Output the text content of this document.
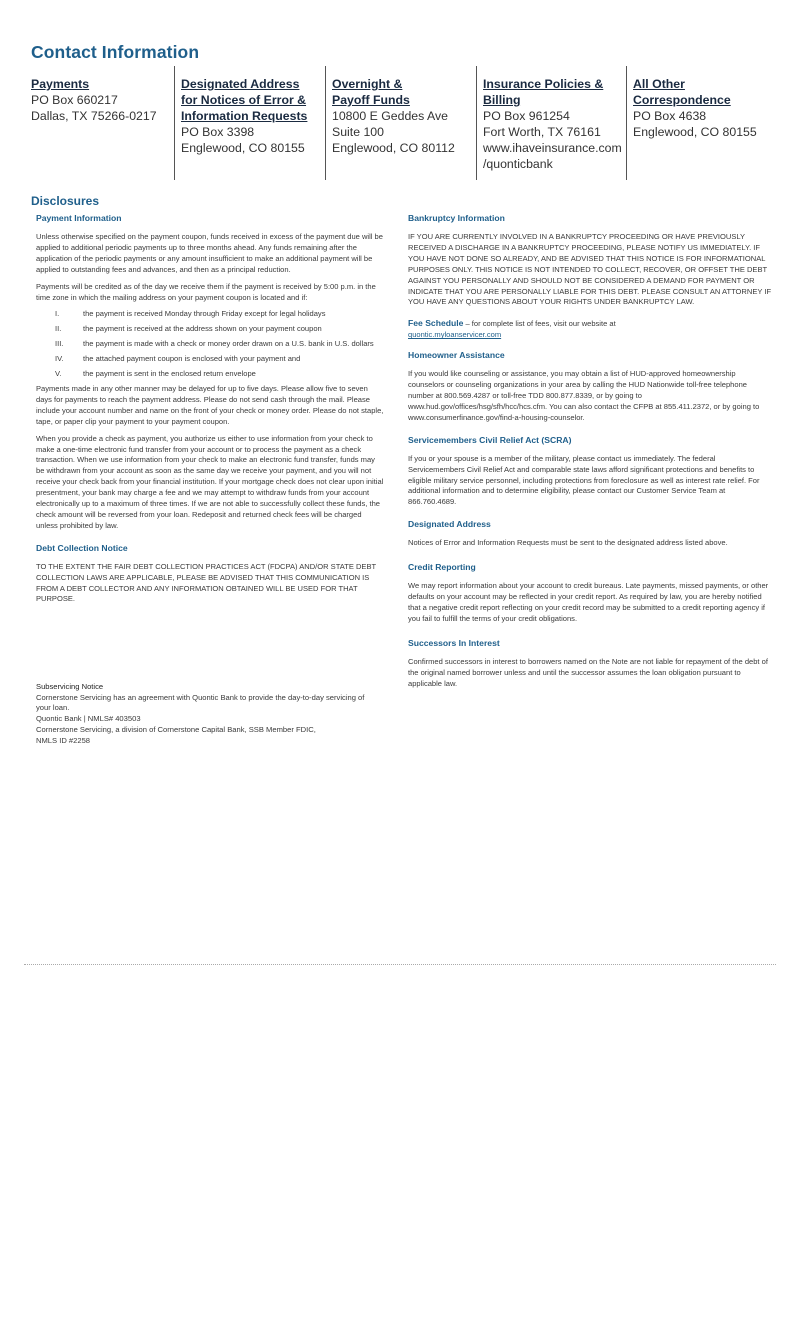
Contact Information
Payments
PO Box 660217
Dallas, TX 75266-0217
Designated Address
for Notices of Error &
Information Requests
PO Box 3398
Englewood, CO 80155
Overnight &
Payoff Funds
10800 E Geddes Ave
Suite 100
Englewood, CO 80112
Insurance Policies &
Billing
PO Box 961254
Fort Worth, TX 76161
www.ihaveinsurance.com
/quonticbank
All Other
Correspondence
PO Box 4638
Englewood, CO 80155
Disclosures
Payment Information

Unless otherwise specified on the payment coupon, funds received in excess of the payment due will be applied to additional periodic payments up to three months ahead. Any funds remaining after the application of the periodic payments or any amount insufficient to make an additional payment will be applied to outstanding fees and advances, and then as a principal reduction.

Payments will be credited as of the day we receive them if the payment is received by 5:00 p.m. in the time zone in which the mailing address on your payment coupon is located and if:

I.	the payment is received Monday through Friday except for legal holidays
II.	the payment is received at the address shown on your payment coupon
III.	the payment is made with a check or money order drawn on a U.S. bank in U.S. dollars
IV.	the attached payment coupon is enclosed with your payment and
V.	the payment is sent in the enclosed return envelope

Payments made in any other manner may be delayed for up to five days. Please allow five to seven days for payments to reach the payment address. Please do not send cash through the mail. Please include your account number and name on the front of your check or money order. Please do not staple, tape, or paper clip your payment to your payment coupon.

When you provide a check as payment, you authorize us either to use information from your check to make a one-time electronic fund transfer from your account or to process the payment as a check transaction. When we use information from your check to make an electronic fund transfer, funds may be withdrawn from your account as soon as the same day we receive your payment, and you will not receive your check back from your financial institution. If your mortgage check does not clear upon initial presentment, your bank may charge a fee and we may attempt to withdraw funds from your account electronically up to a maximum of three times. If we are not able to successfully collect these funds, the check amount will be reversed from your loan. Redeposit and returned check fees will be charged unless prohibited by law.

Debt Collection Notice

TO THE EXTENT THE FAIR DEBT COLLECTION PRACTICES ACT (FDCPA) AND/OR STATE DEBT COLLECTION LAWS ARE APPLICABLE, PLEASE BE ADVISED THAT THIS COMMUNICATION IS FROM A DEBT COLLECTOR AND ANY INFORMATION OBTAINED WILL BE USED FOR THAT PURPOSE.

Subservicing Notice
Cornerstone Servicing has an agreement with Quontic Bank to provide the day-to-day servicing of your loan.
Quontic Bank | NMLS# 403503
Cornerstone Servicing, a division of Cornerstone Capital Bank, SSB Member FDIC,
NMLS ID #2258
Bankruptcy Information

IF YOU ARE CURRENTLY INVOLVED IN A BANKRUPTCY PROCEEDING OR HAVE PREVIOUSLY RECEIVED A DISCHARGE IN A BANKRUPTCY PROCEEDING, PLEASE NOTIFY US IMMEDIATELY. IF YOU HAVE NOT DONE SO ALREADY, AND BE ADVISED THAT THIS NOTICE IS FOR INFORMATIONAL PURPOSES ONLY. THIS NOTICE IS NOT INTENDED TO COLLECT, RECOVER, OR OFFSET THE DEBT AGAINST YOU PERSONALLY AND SHOULD NOT BE CONSIDERED A DEMAND FOR PAYMENT OR INDICATE THAT YOU ARE PERSONALLY LIABLE FOR THIS DEBT. PLEASE CONSULT AN ATTORNEY IF YOU HAVE ANY QUESTIONS ABOUT YOUR RIGHTS UNDER BANKRUPTCY LAW.

Fee Schedule – for complete list of fees, visit our website at
quontic.myloanservicer.com

Homeowner Assistance

If you would like counseling or assistance, you may obtain a list of HUD-approved homeownership counselors or counseling organizations in your area by calling the HUD Nationwide toll-free telephone number at 800.569.4287 or toll-free TDD 800.877.8339, or by going to www.hud.gov/offices/hsg/sfh/hcc/hcs.cfm. You can also contact the CFPB at 855.411.2372, or by going to www.consumerfinance.gov/find-a-housing-counselor.

Servicemembers Civil Relief Act (SCRA)

If you or your spouse is a member of the military, please contact us immediately. The federal Servicemembers Civil Relief Act and comparable state laws afford significant protections and benefits to eligible military service personnel, including protections from foreclosure as well as interest rate relief. For additional information and to determine eligibility, please contact our Customer Service Team at 866.760.4689.

Designated Address

Notices of Error and Information Requests must be sent to the designated address listed above.

Credit Reporting

We may report information about your account to credit bureaus. Late payments, missed payments, or other defaults on your account may be reflected in your credit report. As required by law, you are hereby notified that a negative credit report reflecting on your credit record may be submitted to a credit reporting agency if you fail to fulfill the terms of your credit obligations.

Successors In Interest

Confirmed successors in interest to borrowers named on the Note are not liable for repayment of the debt of the original named borrower unless and until the successor assumes the loan obligation pursuant to applicable law.
